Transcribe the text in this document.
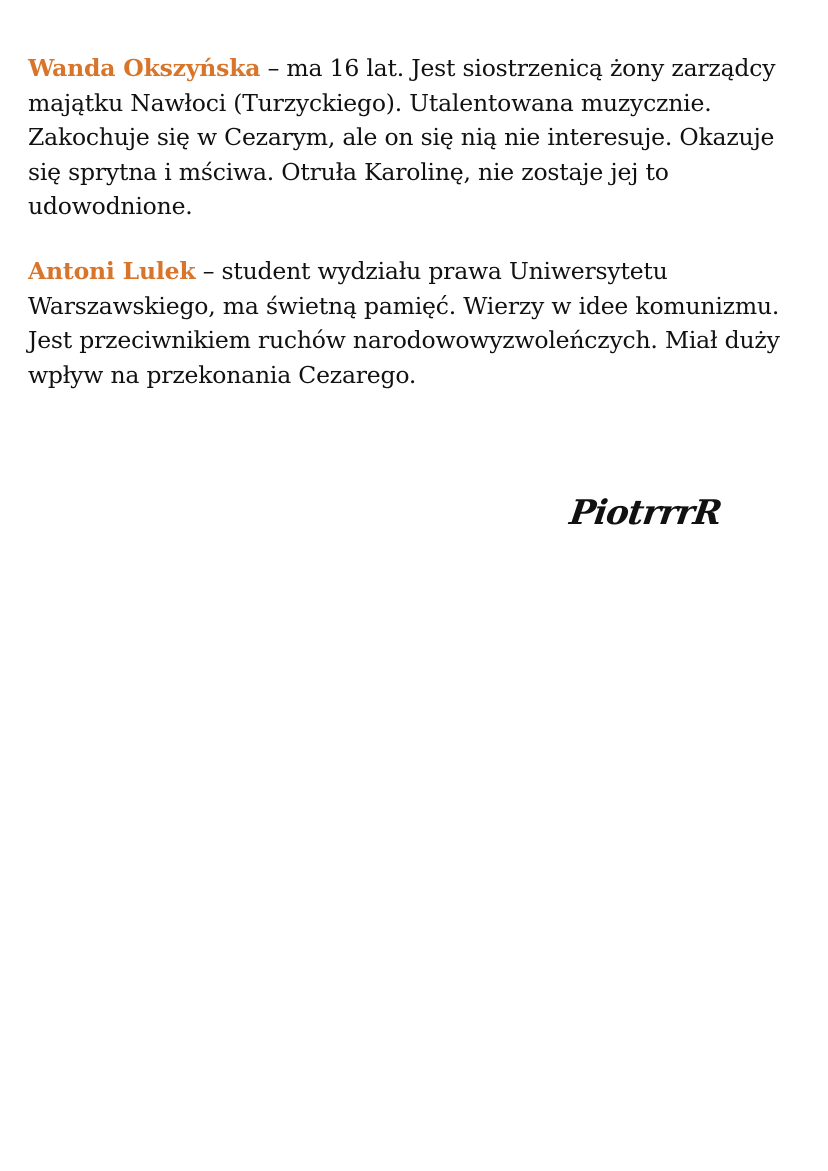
Wanda Okszyńska – ma 16 lat. Jest siostrzenicą żony zarządcy majątku Nawłoci (Turzyckiego). Utalentowana muzycznie. Zakochuje się w Cezarym, ale on się nią nie interesuje. Okazuje się sprytna i mściwa. Otruła Karolinę, nie zostaje jej to udowodnione.

Antoni Lulek – student wydziału prawa Uniwersytetu Warszawskiego, ma świetną pamięć. Wierzy w idee komunizmu. Jest przeciwnikiem ruchów narodowowyzwoleńczych. Miał duży wpływ na przekonania Cezarego.

PiotrrrR
